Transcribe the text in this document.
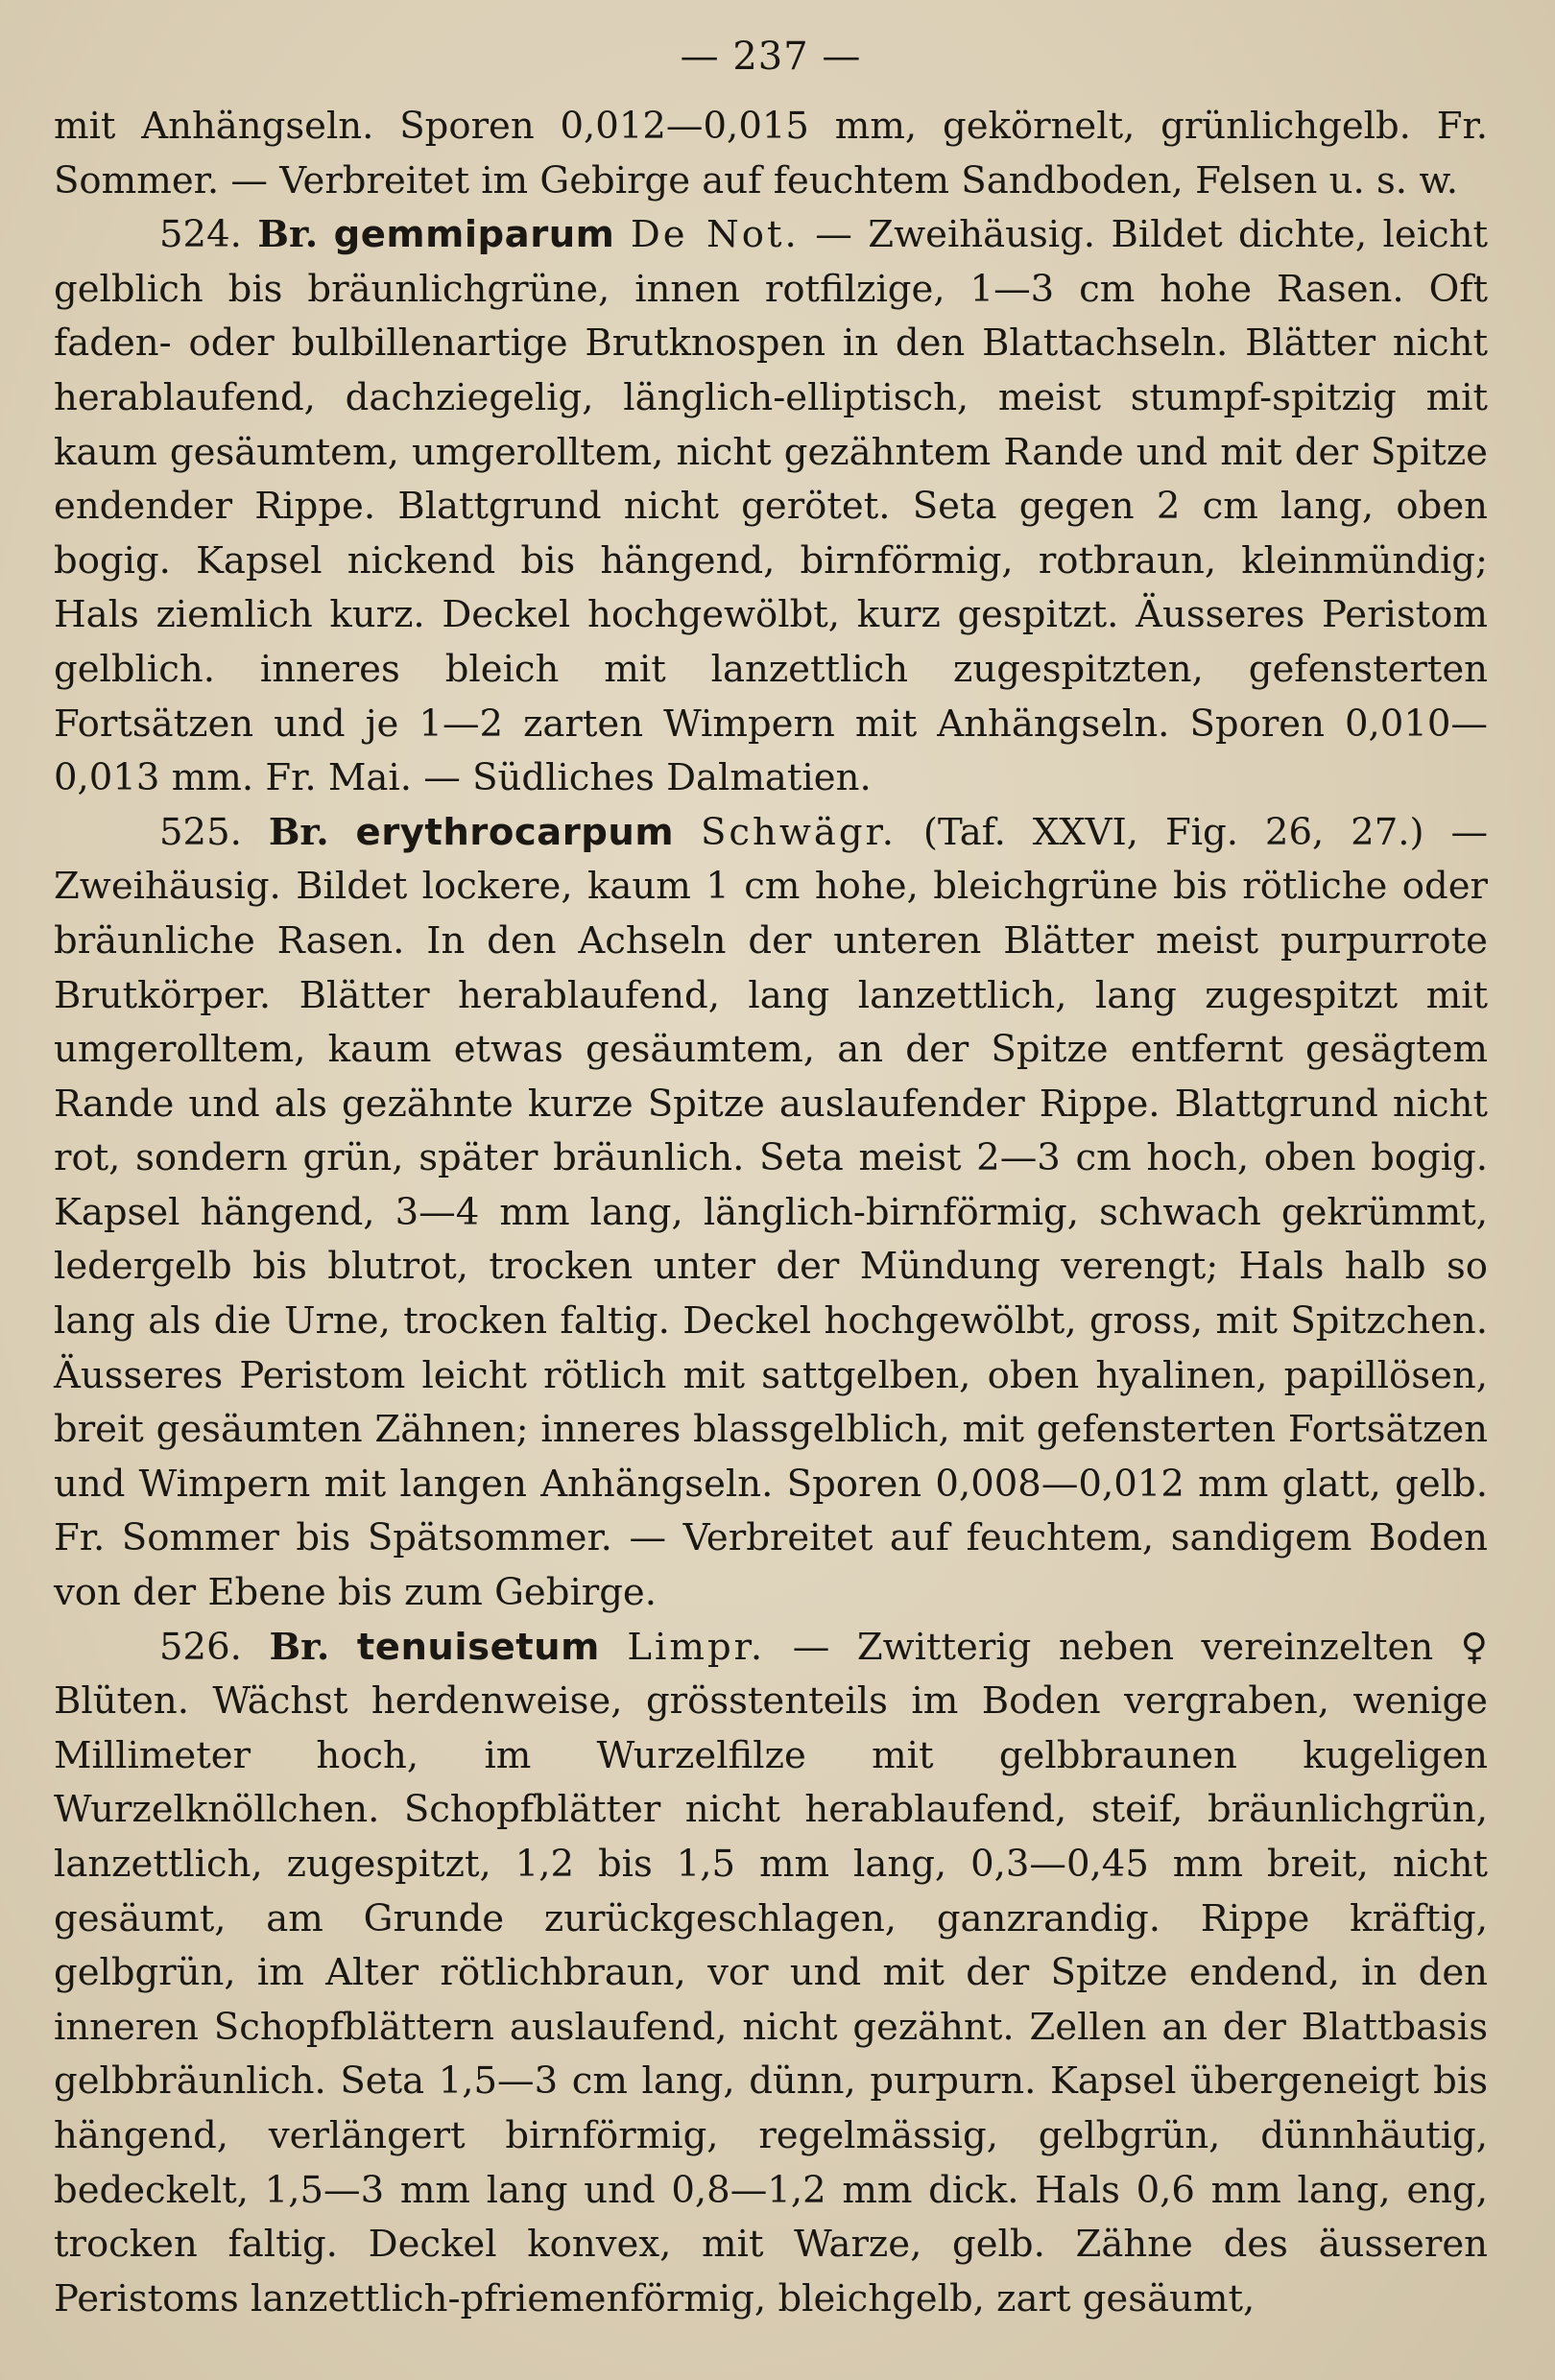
— 237 —

mit Anhängseln. Sporen 0,012—0,015 mm, gekörnelt, grünlichgelb. Fr. Sommer. — Verbreitet im Gebirge auf feuchtem Sandboden, Felsen u. s. w.

524. Br. gemmiparum De Not. — Zweihäusig. Bildet dichte, leicht gelblich bis bräunlichgrüne, innen rotfilzige, 1—3 cm hohe Rasen. Oft faden- oder bulbillenartige Brutknospen in den Blattachseln. Blätter nicht herablaufend, dachziegelig, länglich-elliptisch, meist stumpf-spitzig mit kaum gesäumtem, umgerolltem, nicht gezähntem Rande und mit der Spitze endender Rippe. Blattgrund nicht gerötet. Seta gegen 2 cm lang, oben bogig. Kapsel nickend bis hängend, birnförmig, rotbraun, kleinmündig; Hals ziemlich kurz. Deckel hochgewölbt, kurz gespitzt. Äusseres Peristom gelblich. inneres bleich mit lanzettlich zugespitzten, gefensterten Fortsätzen und je 1—2 zarten Wimpern mit Anhängseln. Sporen 0,010—0,013 mm. Fr. Mai. — Südliches Dalmatien.

525. Br. erythrocarpum Schwägr. (Taf. XXVI, Fig. 26, 27.) — Zweihäusig. Bildet lockere, kaum 1 cm hohe, bleichgrüne bis rötliche oder bräunliche Rasen. In den Achseln der unteren Blätter meist purpurrote Brutkörper. Blätter herablaufend, lang lanzettlich, lang zugespitzt mit umgerolltem, kaum etwas gesäumtem, an der Spitze entfernt gesägtem Rande und als gezähnte kurze Spitze auslaufender Rippe. Blattgrund nicht rot, sondern grün, später bräunlich. Seta meist 2—3 cm hoch, oben bogig. Kapsel hängend, 3—4 mm lang, länglich-birnförmig, schwach gekrümmt, ledergelb bis blutrot, trocken unter der Mündung verengt; Hals halb so lang als die Urne, trocken faltig. Deckel hochgewölbt, gross, mit Spitzchen. Äusseres Peristom leicht rötlich mit sattgelben, oben hyalinen, papillösen, breit gesäumten Zähnen; inneres blassgelblich, mit gefensterten Fortsätzen und Wimpern mit langen Anhängseln. Sporen 0,008—0,012 mm glatt, gelb. Fr. Sommer bis Spätsommer. — Verbreitet auf feuchtem, sandigem Boden von der Ebene bis zum Gebirge.

526. Br. tenuisetum Limpr. — Zwitterig neben vereinzelten ♀ Blüten. Wächst herdenweise, grösstenteils im Boden vergraben, wenige Millimeter hoch, im Wurzelfilze mit gelbbraunen kugeligen Wurzelknöllchen. Schopfblätter nicht herablaufend, steif, bräunlichgrün, lanzettlich, zugespitzt, 1,2 bis 1,5 mm lang, 0,3—0,45 mm breit, nicht gesäumt, am Grunde zurückgeschlagen, ganzrandig. Rippe kräftig, gelbgrün, im Alter rötlichbraun, vor und mit der Spitze endend, in den inneren Schopfblättern auslaufend, nicht gezähnt. Zellen an der Blattbasis gelbbräunlich. Seta 1,5—3 cm lang, dünn, purpurn. Kapsel übergeneigt bis hängend, verlängert birnförmig, regelmässig, gelbgrün, dünnhäutig, bedeckelt, 1,5—3 mm lang und 0,8—1,2 mm dick. Hals 0,6 mm lang, eng, trocken faltig. Deckel konvex, mit Warze, gelb. Zähne des äusseren Peristoms lanzettlich-pfriemenförmig, bleichgelb, zart gesäumt,
